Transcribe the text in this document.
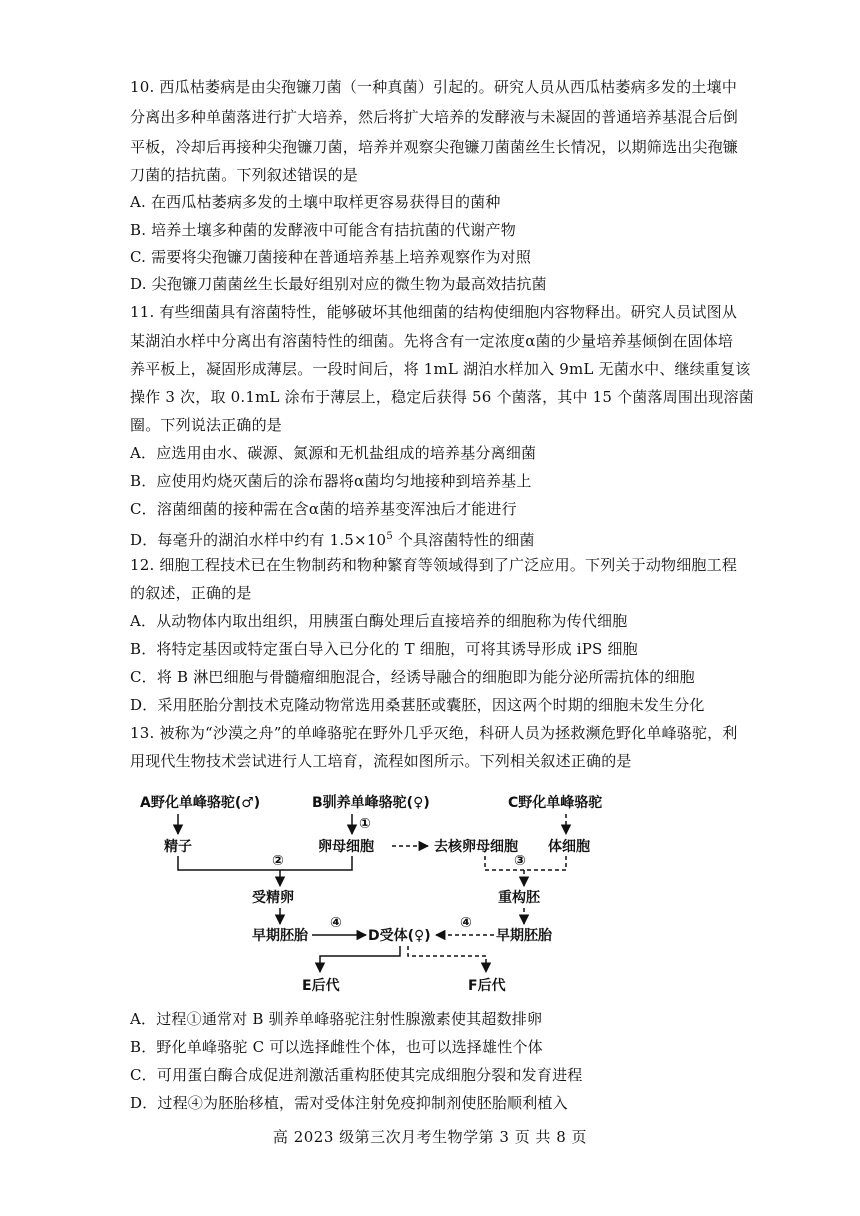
10. 西瓜枯萎病是由尖孢镰刀菌（一种真菌）引起的。研究人员从西瓜枯萎病多发的土壤中
分离出多种单菌落进行扩大培养，然后将扩大培养的发酵液与未凝固的普通培养基混合后倒
平板，冷却后再接种尖孢镰刀菌，培养并观察尖孢镰刀菌菌丝生长情况，以期筛选出尖孢镰
刀菌的拮抗菌。下列叙述错误的是
A. 在西瓜枯萎病多发的土壤中取样更容易获得目的菌种
B. 培养土壤多种菌的发酵液中可能含有拮抗菌的代谢产物
C. 需要将尖孢镰刀菌接种在普通培养基上培养观察作为对照
D. 尖孢镰刀菌菌丝生长最好组别对应的微生物为最高效拮抗菌
11. 有些细菌具有溶菌特性，能够破坏其他细菌的结构使细胞内容物释出。研究人员试图从
某湖泊水样中分离出有溶菌特性的细菌。先将含有一定浓度α菌的少量培养基倾倒在固体培
养平板上，凝固形成薄层。一段时间后，将 1mL 湖泊水样加入 9mL 无菌水中、继续重复该
操作 3 次，取 0.1mL 涂布于薄层上，稳定后获得 56 个菌落，其中 15 个菌落周围出现溶菌
圈。下列说法正确的是
A．应选用由水、碳源、氮源和无机盐组成的培养基分离细菌
B．应使用灼烧灭菌后的涂布器将α菌均匀地接种到培养基上
C．溶菌细菌的接种需在含α菌的培养基变浑浊后才能进行
D．每毫升的湖泊水样中约有 $1.5\times 10^5$ 个具溶菌特性的细菌
12. 细胞工程技术已在生物制药和物种繁育等领域得到了广泛应用。下列关于动物细胞工程
的叙述，正确的是
A．从动物体内取出组织，用胰蛋白酶处理后直接培养的细胞称为传代细胞
B．将特定基因或特定蛋白导入已分化的 T 细胞，可将其诱导形成 iPS 细胞
C．将 B 淋巴细胞与骨髓瘤细胞混合，经诱导融合的细胞即为能分泌所需抗体的细胞
D．采用胚胎分割技术克隆动物常选用桑葚胚或囊胚，因这两个时期的细胞未发生分化
13. 被称为“沙漠之舟”的单峰骆驼在野外几乎灭绝，科研人员为拯救濒危野化单峰骆驼，利
用现代生物技术尝试进行人工培育，流程如图所示。下列相关叙述正确的是
A野化单峰骆驼(♂)	B驯养单峰骆驼(♀)	C野化单峰骆驼
①
精子	卵母细胞	去核卵母细胞 体细胞
②	③
受精卵	重构胚
早期胚胎
④
D受体(♀)
④
早期胚胎
E后代	F后代
A．过程①通常对 B 驯养单峰骆驼注射性腺激素使其超数排卵
B．野化单峰骆驼 C 可以选择雌性个体，也可以选择雄性个体
C．可用蛋白酶合成促进剂激活重构胚使其完成细胞分裂和发育进程
D．过程④为胚胎移植，需对受体注射免疫抑制剂使胚胎顺利植入
高 2023 级第三次月考生物学第 3 页 共 8 页
